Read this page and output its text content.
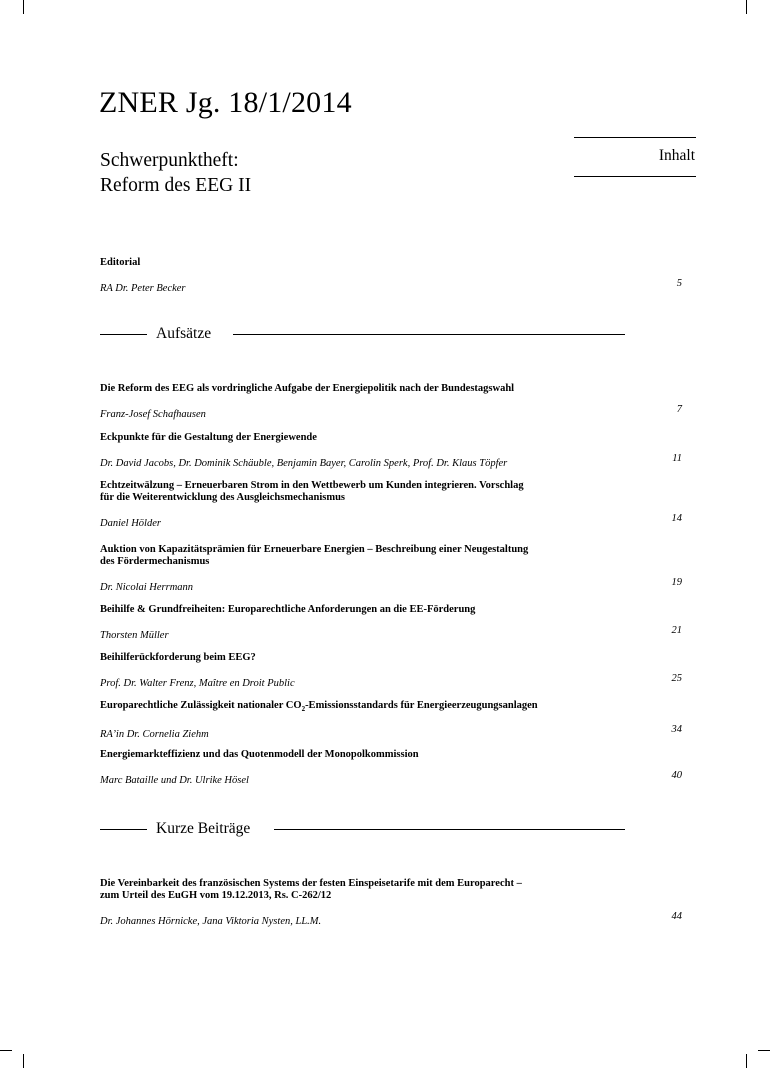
ZNER Jg. 18/1/2014
Schwerpunktheft:
Reform des EEG II
Inhalt

Editorial

RA Dr. Peter Becker	5
Aufsätze

Die Reform des EEG als vordringliche Aufgabe der Energiepolitik nach der Bundestagswahl

Franz-Josef Schafhausen	7

Eckpunkte für die Gestaltung der Energiewende

Dr. David Jacobs, Dr. Dominik Schäuble, Benjamin Bayer, Carolin Sperk, Prof. Dr. Klaus Töpfer	11

Echtzeitwälzung – Erneuerbaren Strom in den Wettbewerb um Kunden integrieren. Vorschlag

für die Weiterentwicklung des Ausgleichsmechanismus

Daniel Hölder	14

Auktion von Kapazitätsprämien für Erneuerbare Energien – Beschreibung einer Neugestaltung

des Fördermechanismus

Dr. Nicolai Herrmann	19

Beihilfe & Grundfreiheiten: Europarechtliche Anforderungen an die EE-Förderung

Thorsten Müller	21

Beihilferückforderung beim EEG?

Prof. Dr. Walter Frenz, Maître en Droit Public	25

Europarechtliche Zulässigkeit nationaler $CO_2$-Emissionsstandards für Energieerzeugungsanlagen

RA’in Dr. Cornelia Ziehm	34

Energiemarkteffizienz und das Quotenmodell der Monopolkommission

Marc Bataille und Dr. Ulrike Hösel	40
Kurze Beiträge

Die Vereinbarkeit des französischen Systems der festen Einspeisetarife mit dem Europarecht –

zum Urteil des EuGH vom 19.12.2013, Rs. C-262/12

Dr. Johannes Hörnicke, Jana Viktoria Nysten, LL.M.	44
